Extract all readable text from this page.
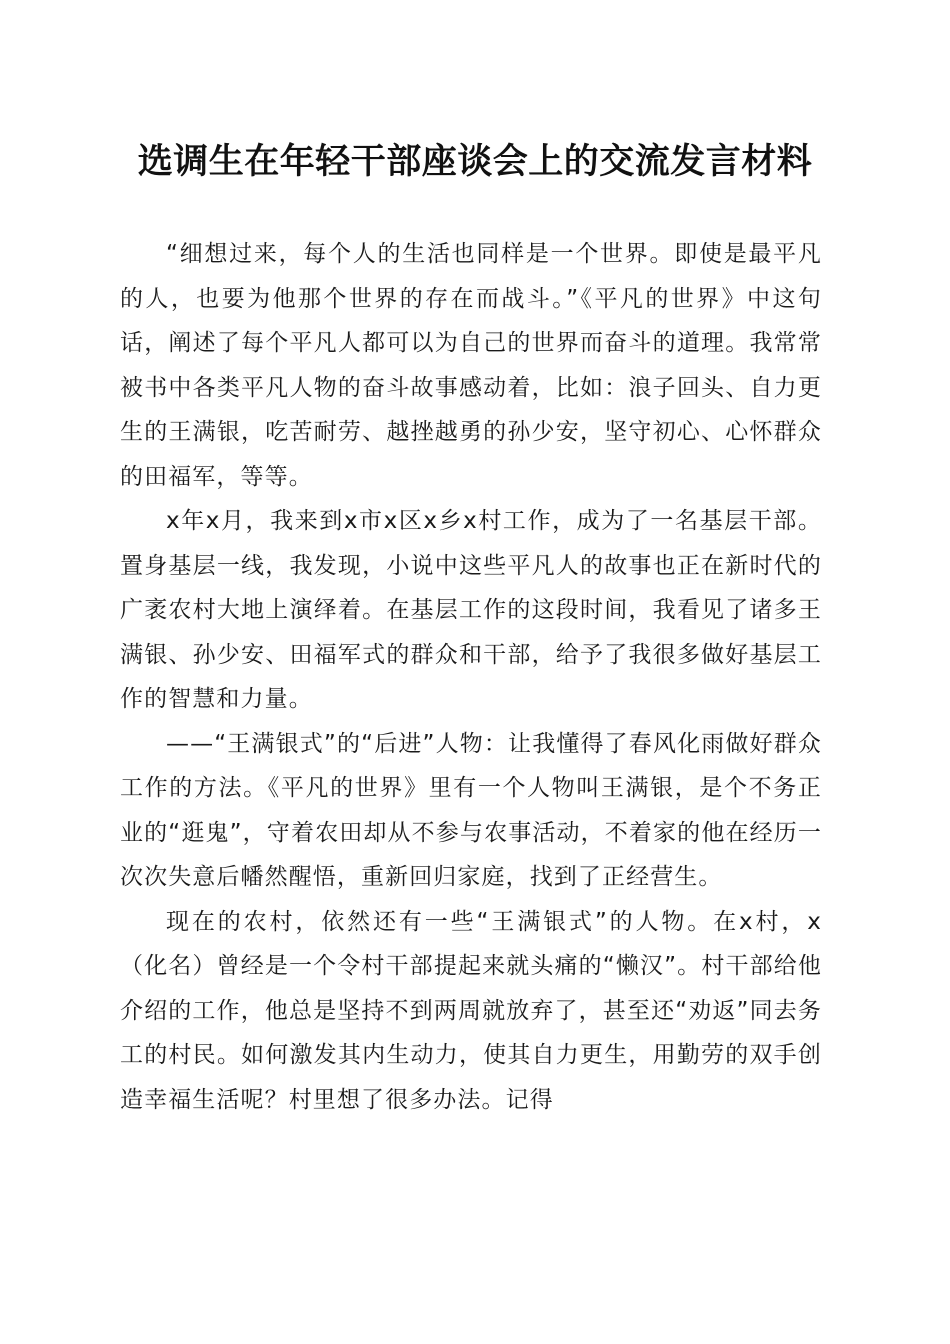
选调生在年轻干部座谈会上的交流发言材料

“细想过来，每个人的生活也同样是一个世界。即使是最平凡的人，也要为他那个世界的存在而战斗。”《平凡的世界》中这句话，阐述了每个平凡人都可以为自己的世界而奋斗的道理。我常常被书中各类平凡人物的奋斗故事感动着，比如：浪子回头、自力更生的王满银，吃苦耐劳、越挫越勇的孙少安，坚守初心、心怀群众的田福军，等等。

x年x月，我来到x市x区x乡x村工作，成为了一名基层干部。置身基层一线，我发现，小说中这些平凡人的故事也正在新时代的广袤农村大地上演绎着。在基层工作的这段时间，我看见了诸多王满银、孙少安、田福军式的群众和干部，给予了我很多做好基层工作的智慧和力量。

——“王满银式”的“后进”人物：让我懂得了春风化雨做好群众工作的方法。《平凡的世界》里有一个人物叫王满银，是个不务正业的“逛鬼”，守着农田却从不参与农事活动，不着家的他在经历一次次失意后幡然醒悟，重新回归家庭，找到了正经营生。

现在的农村，依然还有一些“王满银式”的人物。在x村，x（化名）曾经是一个令村干部提起来就头痛的“懒汉”。村干部给他介绍的工作，他总是坚持不到两周就放弃了，甚至还“劝返”同去务工的村民。如何激发其内生动力，使其自力更生，用勤劳的双手创造幸福生活呢？村里想了很多办法。记得
